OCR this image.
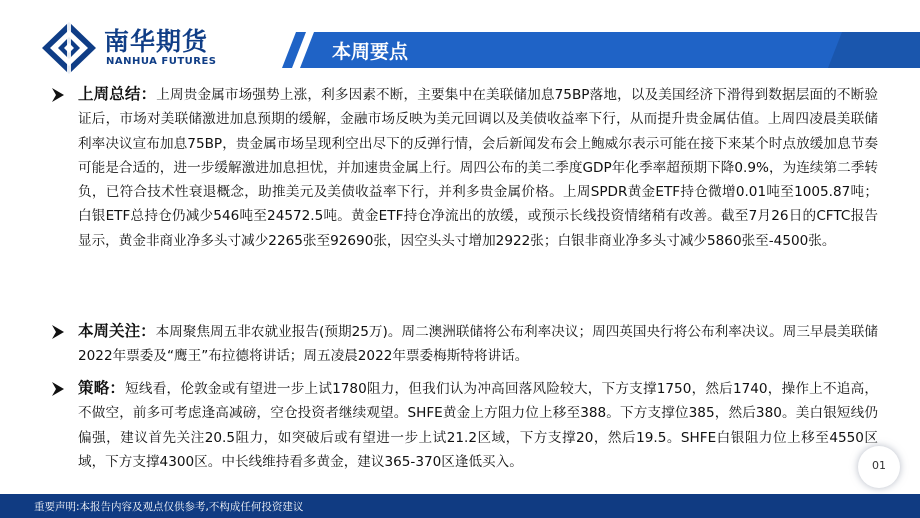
南华期货
NANHUA FUTURES	本周要点

上周总结：上周贵金属市场强势上涨，利多因素不断，主要集中在美联储加息75BP落地，以及美国经济下滑得到数据层面的不断验证后，市场对美联储激进加息预期的缓解，金融市场反映为美元回调以及美债收益率下行，从而提升贵金属估值。上周四凌晨美联储利率决议宣布加息75BP，贵金属市场呈现利空出尽下的反弹行情，会后新闻发布会上鲍威尔表示可能在接下来某个时点放缓加息节奏可能是合适的，进一步缓解激进加息担忧，并加速贵金属上行。周四公布的美二季度GDP年化季率超预期下降0.9%，为连续第二季转负，已符合技术性衰退概念，助推美元及美债收益率下行，并利多贵金属价格。上周SPDR黄金ETF持仓微增0.01吨至1005.87吨；白银ETF总持仓仍减少546吨至24572.5吨。黄金ETF持仓净流出的放缓，或预示长线投资情绪稍有改善。截至7月26日的CFTC报告显示，黄金非商业净多头寸减少2265张至92690张，因空头头寸增加2922张；白银非商业净多头寸减少5860张至-4500张。

本周关注：本周聚焦周五非农就业报告(预期25万)。周二澳洲联储将公布利率决议；周四英国央行将公布利率决议。周三早晨美联储2022年票委及“鹰王”布拉德将讲话；周五凌晨2022年票委梅斯特将讲话。

策略：短线看，伦敦金或有望进一步上试1780阻力，但我们认为冲高回落风险较大，下方支撑1750，然后1740，操作上不追高，不做空，前多可考虑逢高减磅，空仓投资者继续观望。SHFE黄金上方阻力位上移至388。下方支撑位385，然后380。美白银短线仍偏强，建议首先关注20.5阻力，如突破后或有望进一步上试21.2区域，下方支撑20，然后19.5。SHFE白银阻力位上移至4550区域，下方支撑4300区。中长线维持看多黄金，建议365-370区逢低买入。	01
重要声明:本报告内容及观点仅供参考,不构成任何投资建议
